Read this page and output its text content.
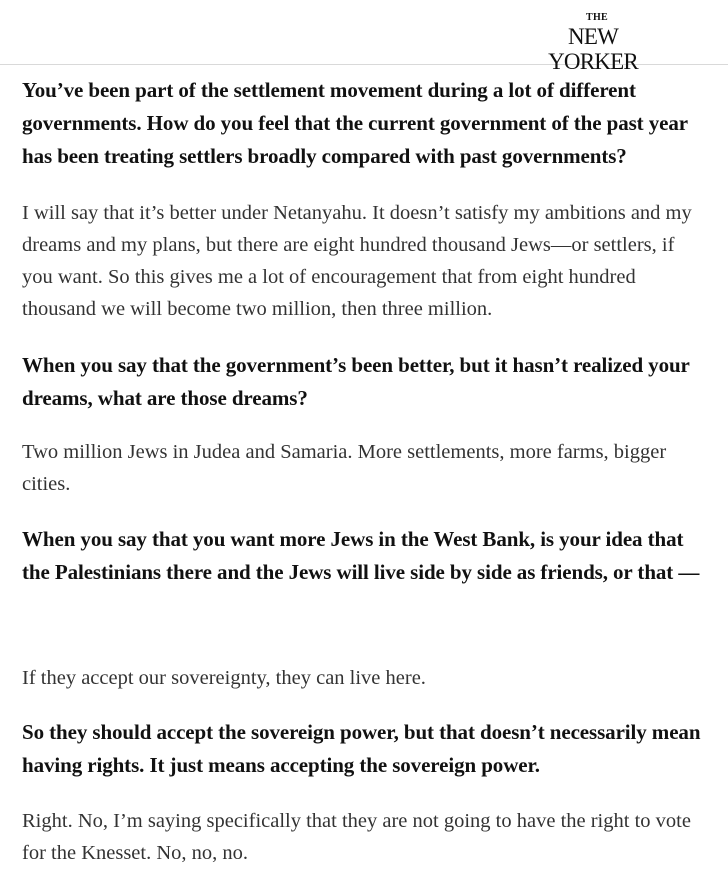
THE
NEW YORKER

You’ve been part of the settlement movement during a lot of different governments. How do you feel that the current government of the past year has been treating settlers broadly compared with past governments?

I will say that it’s better under Netanyahu. It doesn’t satisfy my ambitions and my dreams and my plans, but there are eight hundred thousand Jews—or settlers, if you want. So this gives me a lot of encouragement that from eight hundred thousand we will become two million, then three million.

When you say that the government’s been better, but it hasn’t realized your dreams, what are those dreams?

Two million Jews in Judea and Samaria. More settlements, more farms, bigger cities.

When you say that you want more Jews in the West Bank, is your idea that the Palestinians there and the Jews will live side by side as friends, or that —

If they accept our sovereignty, they can live here.

So they should accept the sovereign power, but that doesn’t necessarily mean having rights. It just means accepting the sovereign power.

Right. No, I’m saying specifically that they are not going to have the right to vote for the Knesset. No, no, no.
